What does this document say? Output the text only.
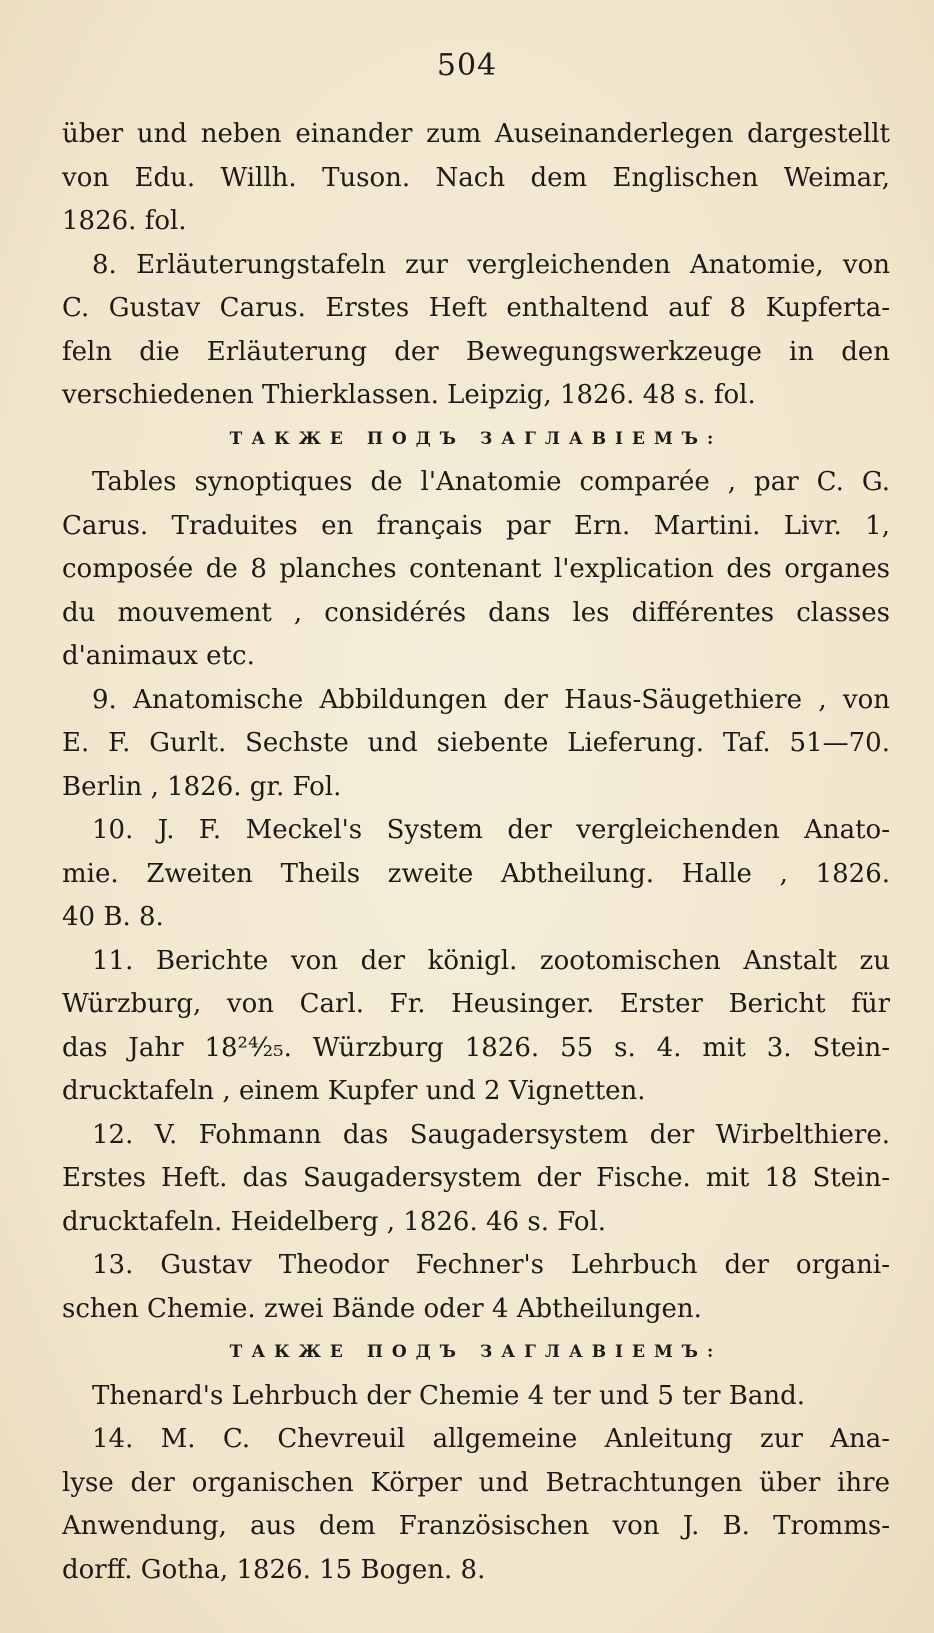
504
über und neben einander zum Auseinanderlegen dargestellt
von Edu. Willh. Tuson. Nach dem Englischen Weimar,
1826. fol.
8. Erläuterungstafeln zur vergleichenden Anatomie, von
C. Gustav Carus. Erstes Heft enthaltend auf 8 Kupferta-
feln die Erläuterung der Bewegungswerkzeuge in den
verschiedenen Thierklassen. Leipzig, 1826. 48 s. fol.
ТАКЖЕ ПОДЪ ЗАГЛАВІЕМЪ:
Tables synoptiques de l'Anatomie comparée , par C. G.
Carus. Traduites en français par Ern. Martini. Livr. 1,
composée de 8 planches contenant l'explication des organes
du mouvement , considérés dans les différentes classes
d'animaux etc.
9. Anatomische Abbildungen der Haus-Säugethiere , von
E. F. Gurlt. Sechste und siebente Lieferung. Taf. 51—70.
Berlin , 1826. gr. Fol.
10. J. F. Meckel's System der vergleichenden Anato-
mie. Zweiten Theils zweite Abtheilung. Halle , 1826.
40 B. 8.
11. Berichte von der königl. zootomischen Anstalt zu
Würzburg, von Carl. Fr. Heusinger. Erster Bericht für
das Jahr 18²⁴⁄₂₅. Würzburg 1826. 55 s. 4. mit 3. Stein-
drucktafeln , einem Kupfer und 2 Vignetten.
12. V. Fohmann das Saugadersystem der Wirbelthiere.
Erstes Heft. das Saugadersystem der Fische. mit 18 Stein-
drucktafeln. Heidelberg , 1826. 46 s. Fol.
13. Gustav Theodor Fechner's Lehrbuch der organi-
schen Chemie. zwei Bände oder 4 Abtheilungen.
ТАКЖЕ ПОДЪ ЗАГЛАВІЕМЪ:
Thenard's Lehrbuch der Chemie 4 ter und 5 ter Band.
14. M. C. Chevreuil allgemeine Anleitung zur Ana-
lyse der organischen Körper und Betrachtungen über ihre
Anwendung, aus dem Französischen von J. B. Tromms-
dorff. Gotha, 1826. 15 Bogen. 8.
